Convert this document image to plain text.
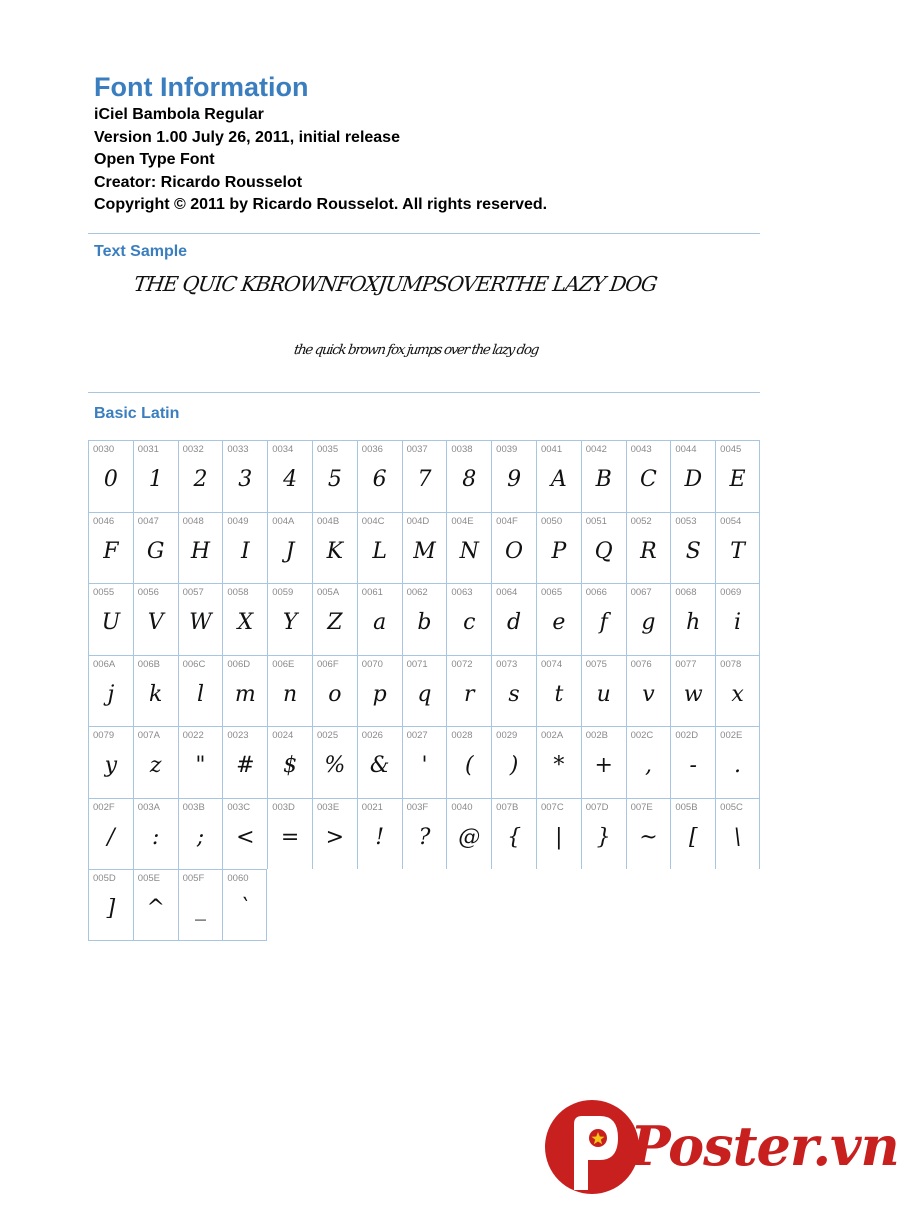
Font Information
iCiel Bambola Regular
Version 1.00 July 26, 2011, initial release
Open Type Font
Creator: Ricardo Rousselot
Copyright © 2011 by Ricardo Rousselot. All rights reserved.
Text Sample
THE QUIC KBROWNFOXJUMPSOVERTHE LAZY DOG
the quick brown fox jumps over the lazy dog
Basic Latin
0030
0
0031
1
0032
2
0033
3
0034
4
0035
5
0036
6
0037
7
0038
8
0039
9
0041
A
0042
B
0043
C
0044
D
0045
E
0046
F
0047
G
0048
H
0049
I
004A
J
004B
K
004C
L
004D
M
004E
N
004F
O
0050
P
0051
Q
0052
R
0053
S
0054
T
0055
U
0056
V
0057
W
0058
X
0059
Y
005A
Z
0061
a
0062
b
0063
c
0064
d
0065
e
0066
f
0067
g
0068
h
0069
i
006A
j
006B
k
006C
l
006D
m
006E
n
006F
o
0070
p
0071
q
0072
r
0073
s
0074
t
0075
u
0076
v
0077
w
0078
x
0079
y
007A
z
0022
"
0023
#
0024
$
0025
%
0026
&
0027
'
0028
(
0029
)
002A
*
002B
+
002C
,
002D
-
002E
.
002F
/
003A
:
003B
;
003C
<
003D
=
003E
>
0021
!
003F
?
0040
@
007B
{
007C
|
007D
}
007E
~
005B
[
005C
\
005D
]
005E
^
005F
_
0060
`
Poster.vn
